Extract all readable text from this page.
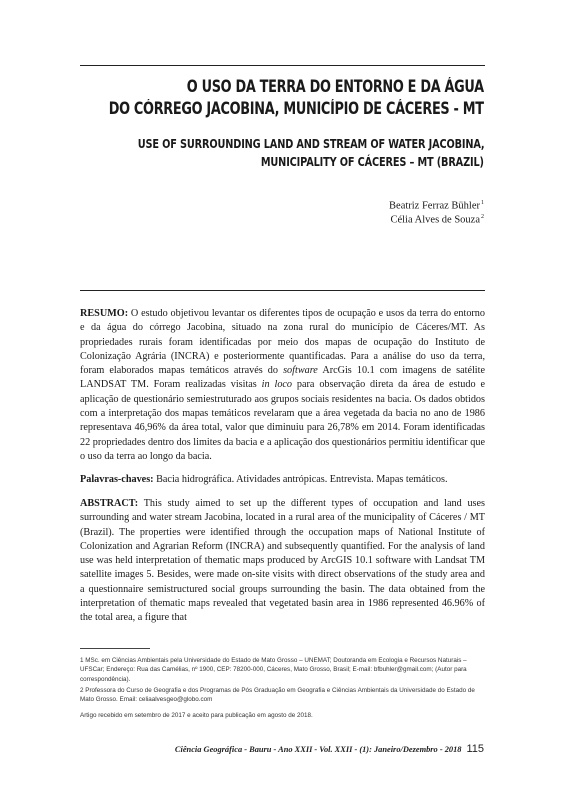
O USO DA TERRA DO ENTORNO E DA ÁGUA
DO CÓRREGO JACOBINA, MUNICÍPIO DE CÁCERES - MT
USE OF SURROUNDING LAND AND STREAM OF WATER JACOBINA,
MUNICIPALITY OF CÁCERES – MT (BRAZIL)
Beatriz Ferraz Bühler$^1$
Célia Alves de Souza$^2$

RESUMO: O estudo objetivou levantar os diferentes tipos de ocupação e usos da terra do entorno e da água do córrego Jacobina, situado na zona rural do município de Cáceres/MT. As propriedades rurais foram identificadas por meio dos mapas de ocupação do Instituto de Colonização Agrária (INCRA) e posteriormente quantificadas. Para a análise do uso da terra, foram elaborados mapas temáticos através do software ArcGis 10.1 com imagens de satélite LANDSAT TM. Foram realizadas visitas in loco para observação direta da área de estudo e aplicação de questionário semiestruturado aos grupos sociais residentes na bacia. Os dados obtidos com a interpretação dos mapas temáticos revelaram que a área vegetada da bacia no ano de 1986 representava 46,96% da área total, valor que diminuiu para 26,78% em 2014. Foram identificadas 22 propriedades dentro dos limites da bacia e a aplicação dos questionários permitiu identificar que o uso da terra ao longo da bacia.

Palavras-chaves: Bacia hidrográfica. Atividades antrópicas. Entrevista. Mapas temáticos.

ABSTRACT: This study aimed to set up the different types of occupation and land uses surrounding and water stream Jacobina, located in a rural area of the municipality of Cáceres / MT (Brazil). The properties were identified through the occupation maps of National Institute of Colonization and Agrarian Reform (INCRA) and subsequently quantified. For the analysis of land use was held interpretation of thematic maps produced by ArcGIS 10.1 software with Landsat TM satellite images 5. Besides, were made on-site visits with direct observations of the study area and a questionnaire semistructured social groups surrounding the basin. The data obtained from the interpretation of thematic maps revealed that vegetated basin area in 1986 represented 46.96% of the total area, a figure that

1 MSc. em Ciências Ambientais pela Universidade do Estado de Mato Grosso – UNEMAT; Doutoranda em Ecologia e Recursos Naturais – UFSCar; Endereço: Rua das Camélias, nº 1900, CEP: 78200-000, Cáceres, Mato Grosso, Brasil; E-mail: bfbuhler@gmail.com; (Autor para correspondência).

2 Professora do Curso de Geografia e dos Programas de Pós Graduação em Geografia e Ciências Ambientais da Universidade do Estado de Mato Grosso. Email: celiaalvesgeo@globo.com

Artigo recebido em setembro de 2017 e aceito para publicação em agosto de 2018.
Ciência Geográfica - Bauru - Ano XXII - Vol. XXII - (1): Janeiro/Dezembro - 2018 115
